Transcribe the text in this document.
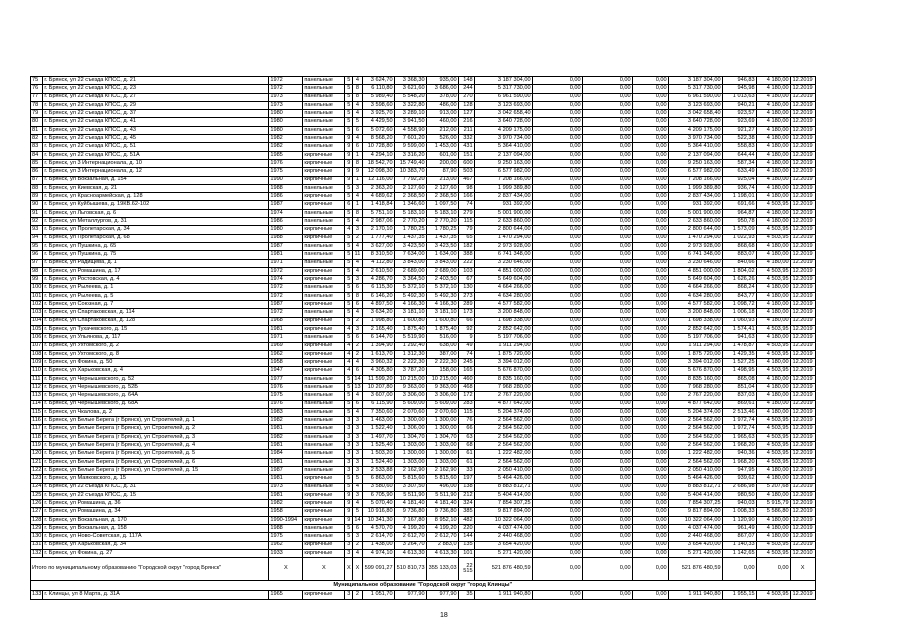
75	г. Брянск, ул 22 съезда КПСС, д. 21	1972	панельные	5	4	3 624,70	3 368,30	935,00	148	3 187 304,00	0,00	0,00	0,00	3 187 304,00	946,83	4 180,00	12.2019
76	г. Брянск, ул 22 съезда КПСС, д. 23	1972	панельные	5	8	6 110,80	3 621,60	3 686,00	244	5 317 730,00	0,00	0,00	0,00	5 317 730,00	945,98	4 180,00	12.2019
77	г. Брянск, ул 22 съезда КПСС, д. 27	1973	панельные	5	8	5 989,40	5 548,20	378,00	270	6 961 590,00	0,00	0,00	0,00	6 961 590,00	1 013,63	4 180,00	12.2019
78	г. Брянск, ул 22 съезда КПСС, д. 29	1973	панельные	5	4	3 598,60	3 322,80	486,00	128	3 123 693,00	0,00	0,00	0,00	3 123 693,00	940,21	4 180,00	12.2019
79	г. Брянск, ул 22 съезда КПСС, д. 37	1980	панельные	5	4	3 925,70	3 289,10	913,00	127	3 042 658,40	0,00	0,00	0,00	3 042 658,40	923,57	4 180,00	12.2019
80	г. Брянск, ул 22 съезда КПСС, д. 41	1980	панельные	5	5	4 429,50	3 941,50	460,00	216	3 640 728,00	0,00	0,00	0,00	3 640 728,00	923,69	4 180,00	12.2019
81	г. Брянск, ул 22 съезда КПСС, д. 43	1980	панельные	5	6	5 072,60	4 558,90	212,00	211	4 209 175,00	0,00	0,00	0,00	4 209 175,00	921,27	4 180,00	12.2019
82	г. Брянск, ул 22 съезда КПСС, д. 45	1982	панельные	9	4	8 568,20	7 601,20	526,00	332	3 970 734,00	0,00	0,00	0,00	3 970 734,00	522,38	4 180,00	12.2019
83	г. Брянск, ул 22 съезда КПСС, д. 51	1982	панельные	9	6	10 728,80	9 599,00	1 453,00	431	5 364 410,00	0,00	0,00	0,00	5 364 410,00	558,83	4 180,00	12.2019
84	г. Брянск, ул 22 съезда КПСС, д. 51А	1985	кирпичные	9	1	4 294,10	3 316,20	601,00	151	2 137 094,00	0,00	0,00	0,00	2 137 094,00	644,44	4 180,00	12.2019
85	г. Брянск, ул 3 Интернационала, д. 10	1976	кирпичные	9	8	18 542,70	15 749,40	200,00	600	9 250 163,00	0,00	0,00	0,00	9 250 163,00	587,34	4 180,00	12.2019
86	г. Брянск, ул 3 Интернационала, д. 12	1975	кирпичные	9	9	12 098,30	10 383,70	87,90	503	6 577 982,00	0,00	0,00	0,00	6 577 982,00	633,49	4 180,00	12.2019
87	г. Брянск, ул Вокзальная, д. 154	1990	кирпичные	9	1	12 116,00	7 792,20	213,00	467	7 208 166,00	0,00	0,00	0,00	7 208 166,00	925,04	4 180,00	12.2019
88	г. Брянск, ул Киевская, д. 21	1988	панельные	5	3	2 363,20	2 127,60	2 127,60	98	1 999 389,80	0,00	0,00	0,00	1 999 389,80	936,74	4 180,00	12.2019
89	г. Брянск, ул Красноармейская, д. 128	1986	кирпичные	5	4	4 689,62	2 368,50	2 368,50	166	2 837 434,00	0,00	0,00	0,00	2 837 434,00	1 198,01	4 180,00	12.2019
90	г. Брянск, ул Куйбышева, д. 19КВ.62-102	1987	кирпичные	6	1	1 418,84	1 346,60	1 097,50	74	931 392,00	0,00	0,00	0,00	931 392,00	691,66	4 503,95	12.2019
91	г. Брянск, ул Льговская, д. 6	1974	панельные	5	8	5 751,10	5 183,10	5 183,10	279	5 001 900,00	0,00	0,00	0,00	5 001 900,00	964,87	4 180,00	12.2019
92	г. Брянск, ул Металлургов, д. 31	1986	панельные	5	4	2 987,06	2 770,20	2 770,20	115	2 633 860,00	0,00	0,00	0,00	2 633 860,00	950,78	4 180,00	12.2019
93	г. Брянск, ул Пролетарская, д. 34	1980	кирпичные	4	3	2 170,10	1 780,25	1 780,25	79	2 800 644,00	0,00	0,00	0,00	2 800 644,00	1 573,09	4 503,95	12.2019
94	г. Брянск, ул Пролетарская, д. 68	1988	кирпичные	5	2	1 777,40	1 437,35	1 437,35	65	1 470 294,00	0,00	0,00	0,00	1 470 294,00	1 022,93	4 503,95	12.2019
95	г. Брянск, ул Пушкина, д. 65	1987	панельные	5	4	3 627,00	3 423,50	3 423,50	182	2 973 928,00	0,00	0,00	0,00	2 973 928,00	868,68	4 180,00	12.2019
96	г. Брянск, ул Пушкина, д. 75	1981	панельные	5	11	8 310,50	7 634,00	1 634,00	388	6 741 348,00	0,00	0,00	0,00	6 741 348,00	883,07	4 180,00	12.2019
97	г. Брянск, ул Радищева, д. 1	1971	панельные	5	4	4 112,80	3 843,00	3 843,00	222	3 230 646,00	0,00	0,00	0,00	3 230 646,00	840,66	4 180,00	12.2019
98	г. Брянск, ул Ромашина, д. 17	1972	кирпичные	5	4	2 610,50	2 689,00	2 689,00	103	4 851 000,00	0,00	0,00	0,00	4 851 000,00	1 804,02	4 503,95	12.2019
99	г. Брянск, ул Ростовская, д. 4	1974	кирпичные	5	3	4 286,70	3 364,50	2 403,50	67	5 649 604,00	0,00	0,00	0,00	5 649 604,00	1 626,26	4 503,95	12.2019
100	г. Брянск, ул Рылеева, д. 1	1972	панельные	5	6	6 115,30	5 372,10	5 372,10	130	4 664 266,00	0,00	0,00	0,00	4 664 266,00	868,24	4 180,00	12.2019
101	г. Брянск, ул Рылеева, д. 5	1972	панельные	5	8	6 146,20	5 492,30	5 492,30	273	4 634 280,00	0,00	0,00	0,00	4 634 280,00	843,77	4 180,00	12.2019
102	г. Брянск, ул Союзная, д. 7	1987	кирпичные	5	6	4 897,50	4 166,30	4 166,30	289	4 577 582,00	0,00	0,00	0,00	4 577 582,00	1 098,72	4 180,00	12.2019
103	г. Брянск, ул Спартаковская, д. 114	1972	панельные	5	4	3 634,20	3 181,10	3 181,10	173	3 200 848,00	0,00	0,00	0,00	3 200 848,00	1 006,18	4 180,00	12.2019
104	г. Брянск, ул Спартаковская, д. 128	1968	кирпичные	5	2	1 998,80	1 600,80	1 600,80	66	1 698 338,00	0,00	0,00	0,00	1 698 338,00	1 060,93	4 180,00	12.2019
105	г. Брянск, ул Тухачевского, д. 15	1981	кирпичные	4	3	2 165,40	1 875,40	1 875,40	92	2 852 642,00	0,00	0,00	0,00	2 852 642,00	1 574,41	4 503,95	12.2019
106	г. Брянск, ул Ульянова, д. 117	1971	панельные	5	6	6 144,70	5 519,90	516,00	9	5 197 706,00	0,00	0,00	0,00	5 197 706,00	941,63	4 180,00	12.2019
107	г. Брянск, ул Ухтомского, д. 2	1969	кирпичные	4	2	1 394,90	1 292,40	638,00	49	1 911 294,00	0,00	0,00	0,00	1 911 294,00	1 478,87	4 503,95	12.2019
108	г. Брянск, ул Ухтомского, д. 8	1962	кирпичные	4	2	1 613,70	1 312,30	387,00	74	1 875 720,00	0,00	0,00	0,00	1 875 720,00	1 429,35	4 503,95	12.2019
109	г. Брянск, ул Фокина, д. 50	1958	кирпичные	4	4	3 960,32	2 222,30	2 222,30	245	3 394 012,00	0,00	0,00	0,00	3 394 012,00	1 527,25	4 180,00	12.2019
110	г. Брянск, ул Харьковская, д. 4	1947	кирпичные	4	6	4 305,80	3 787,20	158,00	165	5 676 870,00	0,00	0,00	0,00	5 676 870,00	1 498,95	4 503,95	12.2019
111	г. Брянск, ул Чернышевского, д. 52	1977	панельные	5	14	11 599,20	10 215,00	10 215,00	460	8 835 160,00	0,00	0,00	0,00	8 835 160,00	865,08	4 180,00	12.2019
112	г. Брянск, ул Чернышевского, д. 52Б	1976	панельные	5	13	10 207,80	9 363,00	9 363,00	468	7 968 280,00	0,00	0,00	0,00	7 968 280,00	851,04	4 180,00	12.2019
113	г. Брянск, ул Чернышевского, д. 64А	1975	панельные	5	4	3 607,00	3 306,00	3 306,00	172	2 767 220,00	0,00	0,00	0,00	2 767 220,00	837,03	4 180,00	12.2019
114	г. Брянск, ул Чернышевского, д. 68А	1976	панельные	5	6	6 115,90	5 609,00	5 609,00	283	4 877 642,00	0,00	0,00	0,00	4 877 642,00	869,61	4 180,00	12.2019
115	г. Брянск, ул Чкалова, д. 2	1983	панельные	5	4	7 350,60	2 070,60	2 070,60	115	5 204 374,00	0,00	0,00	0,00	5 204 374,00	2 513,46	4 180,00	12.2019
116	г. Брянск, ул Белые Берега (г Брянск), ул Строителей, д. 1	1982	панельные	3	3	1 463,00	1 300,00	1 300,00	76	2 564 562,00	0,00	0,00	0,00	2 564 562,00	1 972,74	4 503,95	12.2019
117	г. Брянск, ул Белые Берега (г Брянск), ул Строителей, д. 2	1981	панельные	3	3	1 522,40	1 306,00	1 300,00	66	2 564 562,00	0,00	0,00	0,00	2 564 562,00	1 972,74	4 503,95	12.2019
118	г. Брянск, ул Белые Берега (г Брянск), ул Строителей, д. 3	1982	панельные	3	3	1 497,70	1 304,70	1 304,70	63	2 564 562,00	0,00	0,00	0,00	2 564 562,00	1 965,63	4 503,95	12.2019
119	г. Брянск, ул Белые Берега (г Брянск), ул Строителей, д. 4	1981	панельные	3	3	1 525,40	1 303,00	1 303,00	68	2 564 562,00	0,00	0,00	0,00	2 564 562,00	1 968,20	4 503,95	12.2019
120	г. Брянск, ул Белые Берега (г Брянск), ул Строителей, д. 5	1984	панельные	3	3	1 503,20	1 300,00	1 300,00	61	1 222 482,00	0,00	0,00	0,00	1 222 482,00	940,36	4 503,95	12.2019
121	г. Брянск, ул Белые Берега (г Брянск), ул Строителей, д. 6	1981	панельные	3	3	1 524,40	1 303,00	1 303,00	61	2 564 562,00	0,00	0,00	0,00	2 564 562,00	1 968,20	4 503,95	12.2019
122	г. Брянск, ул Белые Берега (г Брянск), ул Строителей, д. 15	1987	панельные	3	3	2 533,88	2 162,90	2 162,90	33	2 050 410,00	0,00	0,00	0,00	2 050 410,00	947,95	4 180,00	12.2019
123	г. Брянск, ул Маяковского, д. 15	1981	кирпичные	5	5	6 863,00	5 815,60	5 815,60	197	5 464 426,00	0,00	0,00	0,00	5 464 426,00	939,62	4 180,00	12.2019
124	г. Брянск, ул 22 съезда КПСС, д. 31	1973	панельные	5	4	3 580,60	3 307,50	496,00	138	8 883 812,71	0,00	0,00	0,00	8 883 812,71	2 686,98	5 207,68	12.2019
125	г. Брянск, ул 22 съезда КПСС, д. 15	1981	кирпичные	9	3	6 705,90	5 511,90	5 511,90	212	5 404 414,00	0,00	0,00	0,00	5 404 414,00	980,50	4 180,00	12.2019
126	г. Брянск, ул Ромашина, д. 36	1982	кирпичные	9	4	5 070,40	4 181,40	4 181,40	324	7 854 307,25	0,00	0,00	0,00	7 854 307,25	940,03	5 915,79	12.2019
127	г. Брянск, ул Ромашина, д. 34	1958	кирпичные	9	5	10 916,80	9 736,80	9 736,80	385	9 817 894,00	0,00	0,00	0,00	9 817 894,00	1 008,33	5 586,80	12.2019
128	г. Брянск, ул Вокзальная, д. 170	1990-1994	кирпичные	9	14	10 341,30	7 167,80	8 952,10	482	10 322 064,00	0,00	0,00	0,00	10 322 064,00	1 120,90	4 180,00	12.2019
129	г. Брянск, ул Вокзальная, д. 158	1988	панельные	5	6	4 570,70	4 199,20	4 199,20	220	4 037 474,00	0,00	0,00	0,00	4 037 474,00	961,49	4 180,00	12.2019
130	г. Брянск, ул Ново-Советская, д. 117А	1975	панельные	5	3	2 614,70	2 612,70	2 612,70	144	2 440 468,00	0,00	0,00	0,00	2 440 468,00	867,07	4 180,00	12.2019
131	г. Брянск, ул Харьковская, д. 34	1962	кирпичные	3	2	1 438,00	3 264,70	2 883,0	135	3 654 420,00	0,00	0,00	0,00	3 654 420,00	1 140,33	4 503,95	12.2019
132	г. Брянск, ул Фокина, д. 27	1933	кирпичные	3	4	4 974,10	4 613,30	4 613,30	101	5 271 420,00	0,00	0,00	0,00	5 271 420,00	1 142,65	4 503,95	12.2010
Итого по муниципальному образованию "Городской округ "город Брянск"		X	X	X	X	599 091,27	510 810,73	355 133,03	22 515	521 876 480,59	0,00	0,00	0,00	521 876 480,59	0,00	0,00	X
Муниципальное образование "Городской округ "город Клинцы"																	
133	г. Клинцы, ул 8 Марта, д. 31А	1965	кирпичные	3	2	1 051,70	977,90	977,90	35	1 911 940,80	0,00	0,00	0,00	1 911 940,80	1 955,15	4 503,95	12.2019
18
